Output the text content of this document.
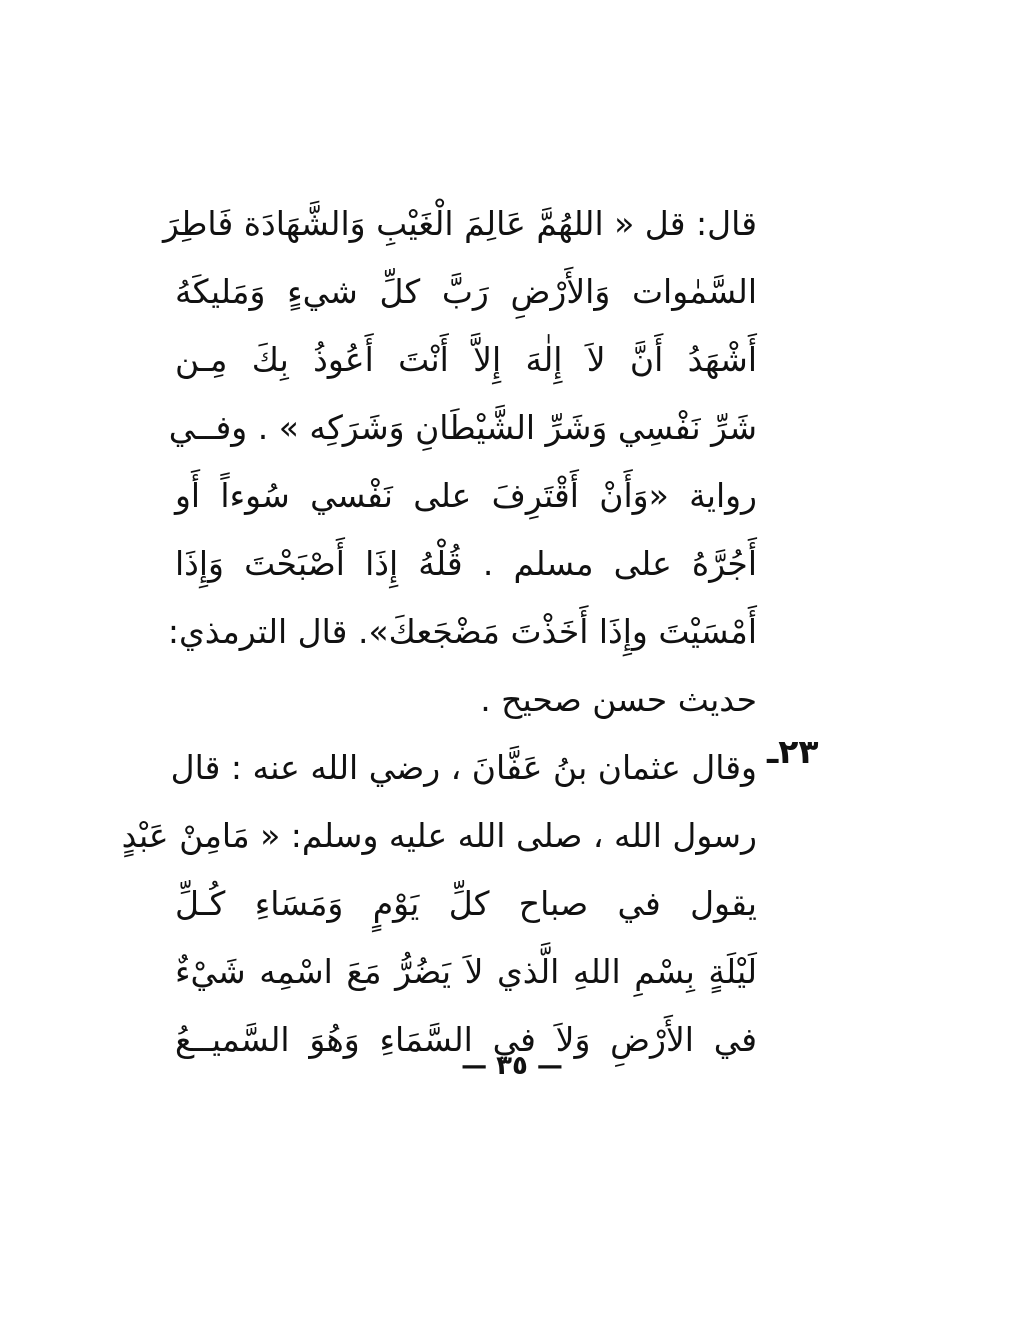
قال: قل « اللهُمَّ عَالِمَ الْغَيْبِ وَالشَّهَادَة فَاطِرَ
السَّمٰوات وَالأَرْضِ رَبَّ كلِّ شيءٍ وَمَليكَهُ
أَشْهَدُ أَنَّ لاَ إِلٰهَ إِلاَّ أَنْتَ أَعُوذُ بِكَ مِـن
شَرِّ نَفْسِي وَشَرِّ الشَّيْطَانِ وَشَرَكِه » . وفــي
رواية «وَأَنْ أَقْتَرِفَ على نَفْسي سُوءاً أَو
أَجُرَّهُ على مسلم . قُلْهُ إِذَا أَصْبَحْتَ وَإِذَا
أَمْسَيْتَ وإِذَا أَخَذْتَ مَضْجَعكَ». قال الترمذي:
حديث حسن صحيح .
وقال عثمان بنُ عَفَّانَ ، رضي الله عنه : قال
رسول الله ، صلى الله عليه وسلم: « مَامِنْ عَبْدٍ
يقول في صباح كلِّ يَوْمٍ وَمَسَاءِ كُـلِّ
لَيْلَةٍ بِسْمِ اللهِ الَّذي لاَ يَضُرُّ مَعَ اسْمِه شَيْءٌ
في الأَرْضِ وَلاَ في السَّمَاءِ وَهُوَ السَّميــعُ
٢٣ـ
— ٣٥ —
